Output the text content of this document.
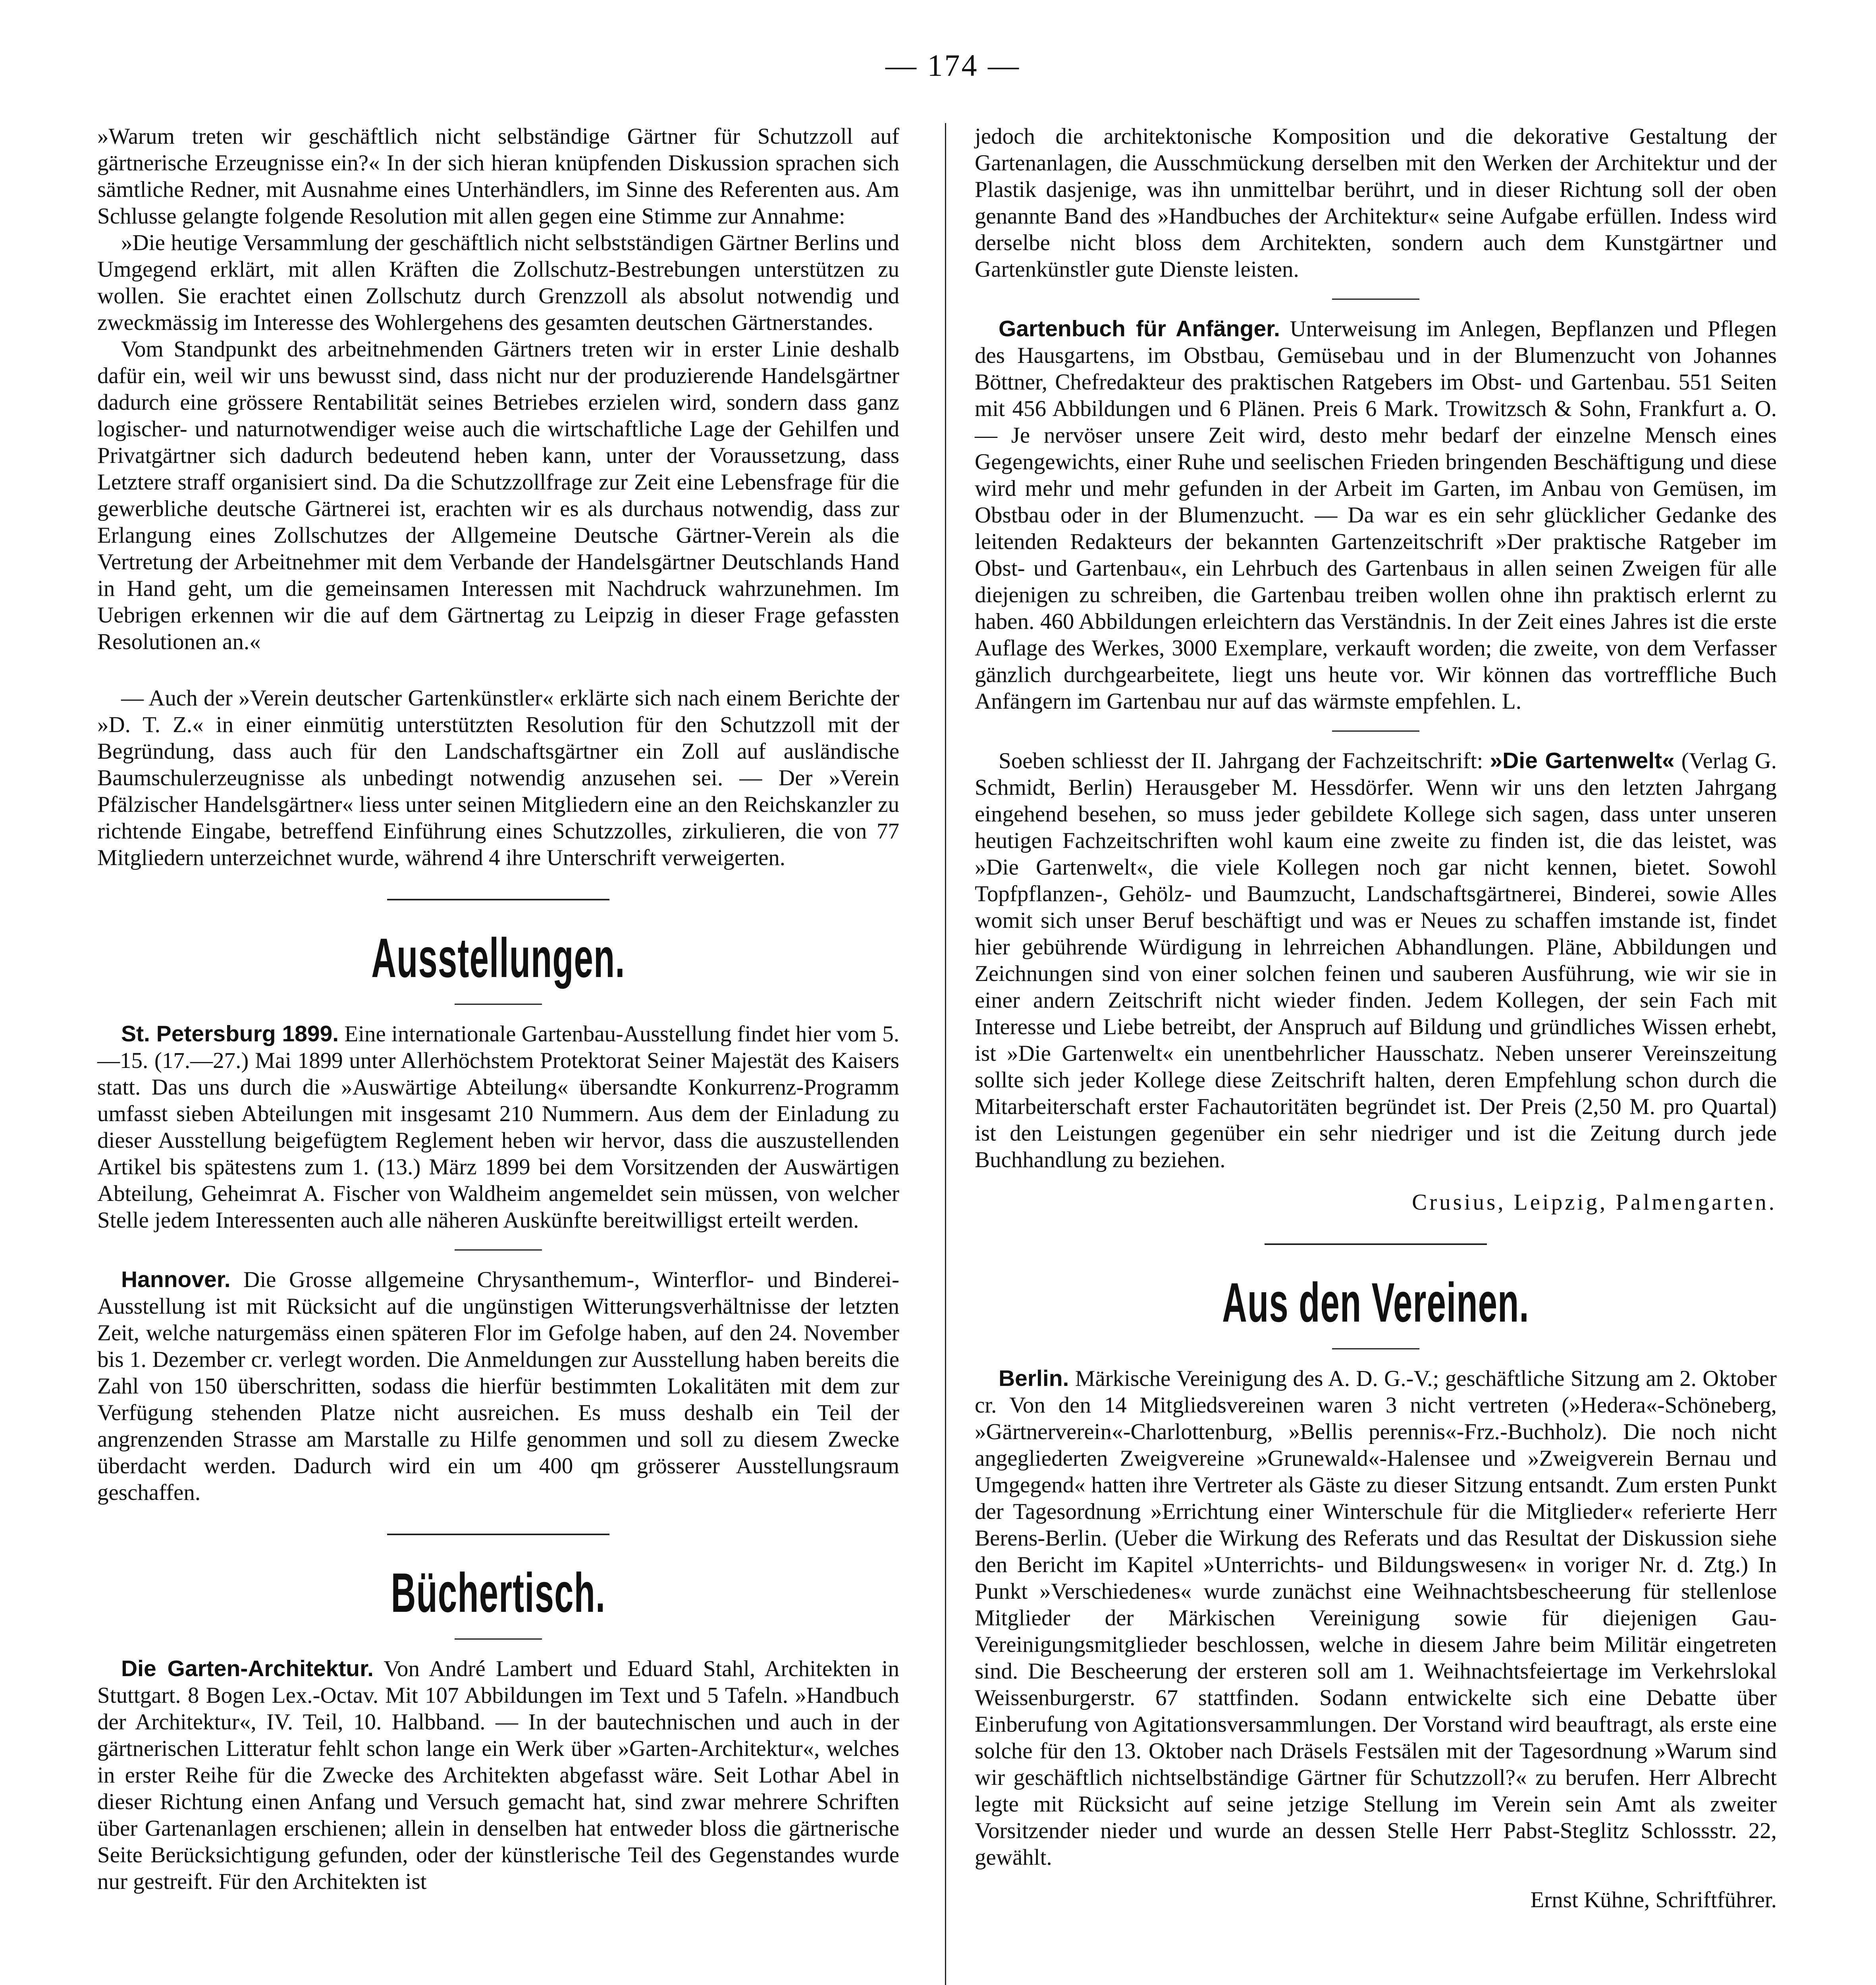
— 174 —

»Warum treten wir geschäftlich nicht selbständige Gärtner für Schutzzoll auf gärtnerische Erzeugnisse ein?« In der sich hieran knüpfenden Diskussion sprachen sich sämtliche Redner, mit Ausnahme eines Unterhändlers, im Sinne des Referenten aus. Am Schlusse gelangte folgende Resolution mit allen gegen eine Stimme zur Annahme:

»Die heutige Versammlung der geschäftlich nicht selbstständigen Gärtner Berlins und Umgegend erklärt, mit allen Kräften die Zollschutz-Bestrebungen unterstützen zu wollen. Sie erachtet einen Zollschutz durch Grenzzoll als absolut notwendig und zweckmässig im Interesse des Wohlergehens des gesamten deutschen Gärtnerstandes.

Vom Standpunkt des arbeitnehmenden Gärtners treten wir in erster Linie deshalb dafür ein, weil wir uns bewusst sind, dass nicht nur der produzierende Handelsgärtner dadurch eine grössere Rentabilität seines Betriebes erzielen wird, sondern dass ganz logischer- und naturnotwendiger weise auch die wirtschaftliche Lage der Gehilfen und Privatgärtner sich dadurch bedeutend heben kann, unter der Voraussetzung, dass Letztere straff organisiert sind. Da die Schutzzollfrage zur Zeit eine Lebensfrage für die gewerbliche deutsche Gärtnerei ist, erachten wir es als durchaus notwendig, dass zur Erlangung eines Zollschutzes der Allgemeine Deutsche Gärtner-Verein als die Vertretung der Arbeitnehmer mit dem Verbande der Handelsgärtner Deutschlands Hand in Hand geht, um die gemeinsamen Interessen mit Nachdruck wahrzunehmen. Im Uebrigen erkennen wir die auf dem Gärtnertag zu Leipzig in dieser Frage gefassten Resolutionen an.«

— Auch der »Verein deutscher Gartenkünstler« erklärte sich nach einem Berichte der »D. T. Z.« in einer einmütig unterstützten Resolution für den Schutzzoll mit der Begründung, dass auch für den Landschaftsgärtner ein Zoll auf ausländische Baumschulerzeugnisse als unbedingt notwendig anzusehen sei. — Der »Verein Pfälzischer Handelsgärtner« liess unter seinen Mitgliedern eine an den Reichskanzler zu richtende Eingabe, betreffend Einführung eines Schutzzolles, zirkulieren, die von 77 Mitgliedern unterzeichnet wurde, während 4 ihre Unterschrift verweigerten.

Ausstellungen.

St. Petersburg 1899. Eine internationale Gartenbau-Ausstellung findet hier vom 5.—15. (17.—27.) Mai 1899 unter Allerhöchstem Protektorat Seiner Majestät des Kaisers statt. Das uns durch die »Auswärtige Abteilung« übersandte Konkurrenz-Programm umfasst sieben Abteilungen mit insgesamt 210 Nummern. Aus dem der Einladung zu dieser Ausstellung beigefügtem Reglement heben wir hervor, dass die auszustellenden Artikel bis spätestens zum 1. (13.) März 1899 bei dem Vorsitzenden der Auswärtigen Abteilung, Geheimrat A. Fischer von Waldheim angemeldet sein müssen, von welcher Stelle jedem Interessenten auch alle näheren Auskünfte bereitwilligst erteilt werden.

Hannover. Die Grosse allgemeine Chrysanthemum-, Winterflor- und Binderei-Ausstellung ist mit Rücksicht auf die ungünstigen Witterungsverhältnisse der letzten Zeit, welche naturgemäss einen späteren Flor im Gefolge haben, auf den 24. November bis 1. Dezember cr. verlegt worden. Die Anmeldungen zur Ausstellung haben bereits die Zahl von 150 überschritten, sodass die hierfür bestimmten Lokalitäten mit dem zur Verfügung stehenden Platze nicht ausreichen. Es muss deshalb ein Teil der angrenzenden Strasse am Marstalle zu Hilfe genommen und soll zu diesem Zwecke überdacht werden. Dadurch wird ein um 400 qm grösserer Ausstellungsraum geschaffen.

Büchertisch.

Die Garten-Architektur. Von André Lambert und Eduard Stahl, Architekten in Stuttgart. 8 Bogen Lex.-Octav. Mit 107 Abbildungen im Text und 5 Tafeln. »Handbuch der Architektur«, IV. Teil, 10. Halbband. — In der bautechnischen und auch in der gärtnerischen Litteratur fehlt schon lange ein Werk über »Garten-Architektur«, welches in erster Reihe für die Zwecke des Architekten abgefasst wäre. Seit Lothar Abel in dieser Richtung einen Anfang und Versuch gemacht hat, sind zwar mehrere Schriften über Gartenanlagen erschienen; allein in denselben hat entweder bloss die gärtnerische Seite Berücksichtigung gefunden, oder der künstlerische Teil des Gegenstandes wurde nur gestreift. Für den Architekten ist

jedoch die architektonische Komposition und die dekorative Gestaltung der Gartenanlagen, die Ausschmückung derselben mit den Werken der Architektur und der Plastik dasjenige, was ihn unmittelbar berührt, und in dieser Richtung soll der oben genannte Band des »Handbuches der Architektur« seine Aufgabe erfüllen. Indess wird derselbe nicht bloss dem Architekten, sondern auch dem Kunstgärtner und Gartenkünstler gute Dienste leisten.

Gartenbuch für Anfänger. Unterweisung im Anlegen, Bepflanzen und Pflegen des Hausgartens, im Obstbau, Gemüsebau und in der Blumenzucht von Johannes Böttner, Chefredakteur des praktischen Ratgebers im Obst- und Gartenbau. 551 Seiten mit 456 Abbildungen und 6 Plänen. Preis 6 Mark. Trowitzsch & Sohn, Frankfurt a. O. — Je nervöser unsere Zeit wird, desto mehr bedarf der einzelne Mensch eines Gegengewichts, einer Ruhe und seelischen Frieden bringenden Beschäftigung und diese wird mehr und mehr gefunden in der Arbeit im Garten, im Anbau von Gemüsen, im Obstbau oder in der Blumenzucht. — Da war es ein sehr glücklicher Gedanke des leitenden Redakteurs der bekannten Gartenzeitschrift »Der praktische Ratgeber im Obst- und Gartenbau«, ein Lehrbuch des Gartenbaus in allen seinen Zweigen für alle diejenigen zu schreiben, die Gartenbau treiben wollen ohne ihn praktisch erlernt zu haben. 460 Abbildungen erleichtern das Verständnis. In der Zeit eines Jahres ist die erste Auflage des Werkes, 3000 Exemplare, verkauft worden; die zweite, von dem Verfasser gänzlich durchgearbeitete, liegt uns heute vor. Wir können das vortreffliche Buch Anfängern im Gartenbau nur auf das wärmste empfehlen. L.

Soeben schliesst der II. Jahrgang der Fachzeitschrift: »Die Gartenwelt« (Verlag G. Schmidt, Berlin) Herausgeber M. Hessdörfer. Wenn wir uns den letzten Jahrgang eingehend besehen, so muss jeder gebildete Kollege sich sagen, dass unter unseren heutigen Fachzeitschriften wohl kaum eine zweite zu finden ist, die das leistet, was »Die Gartenwelt«, die viele Kollegen noch gar nicht kennen, bietet. Sowohl Topfpflanzen-, Gehölz- und Baumzucht, Landschaftsgärtnerei, Binderei, sowie Alles womit sich unser Beruf beschäftigt und was er Neues zu schaffen imstande ist, findet hier gebührende Würdigung in lehrreichen Abhandlungen. Pläne, Abbildungen und Zeichnungen sind von einer solchen feinen und sauberen Ausführung, wie wir sie in einer andern Zeitschrift nicht wieder finden. Jedem Kollegen, der sein Fach mit Interesse und Liebe betreibt, der Anspruch auf Bildung und gründliches Wissen erhebt, ist »Die Gartenwelt« ein unentbehrlicher Hausschatz. Neben unserer Vereinszeitung sollte sich jeder Kollege diese Zeitschrift halten, deren Empfehlung schon durch die Mitarbeiterschaft erster Fachautoritäten begründet ist. Der Preis (2,50 M. pro Quartal) ist den Leistungen gegenüber ein sehr niedriger und ist die Zeitung durch jede Buchhandlung zu beziehen.

Crusius, Leipzig, Palmengarten.
Aus den Vereinen.

Berlin. Märkische Vereinigung des A. D. G.-V.; geschäftliche Sitzung am 2. Oktober cr. Von den 14 Mitgliedsvereinen waren 3 nicht vertreten (»Hedera«-Schöneberg, »Gärtnerverein«-Charlottenburg, »Bellis perennis«-Frz.-Buchholz). Die noch nicht angegliederten Zweigvereine »Grunewald«-Halensee und »Zweigverein Bernau und Umgegend« hatten ihre Vertreter als Gäste zu dieser Sitzung entsandt. Zum ersten Punkt der Tagesordnung »Errichtung einer Winterschule für die Mitglieder« referierte Herr Berens-Berlin. (Ueber die Wirkung des Referats und das Resultat der Diskussion siehe den Bericht im Kapitel »Unterrichts- und Bildungswesen« in voriger Nr. d. Ztg.) In Punkt »Verschiedenes« wurde zunächst eine Weihnachtsbescheerung für stellenlose Mitglieder der Märkischen Vereinigung sowie für diejenigen Gau-Vereinigungsmitglieder beschlossen, welche in diesem Jahre beim Militär eingetreten sind. Die Bescheerung der ersteren soll am 1. Weihnachtsfeiertage im Verkehrslokal Weissenburgerstr. 67 stattfinden. Sodann entwickelte sich eine Debatte über Einberufung von Agitationsversammlungen. Der Vorstand wird beauftragt, als erste eine solche für den 13. Oktober nach Dräsels Festsälen mit der Tagesordnung »Warum sind wir geschäftlich nichtselbständige Gärtner für Schutzzoll?« zu berufen. Herr Albrecht legte mit Rücksicht auf seine jetzige Stellung im Verein sein Amt als zweiter Vorsitzender nieder und wurde an dessen Stelle Herr Pabst-Steglitz Schlossstr. 22, gewählt.

Ernst Kühne, Schriftführer.
